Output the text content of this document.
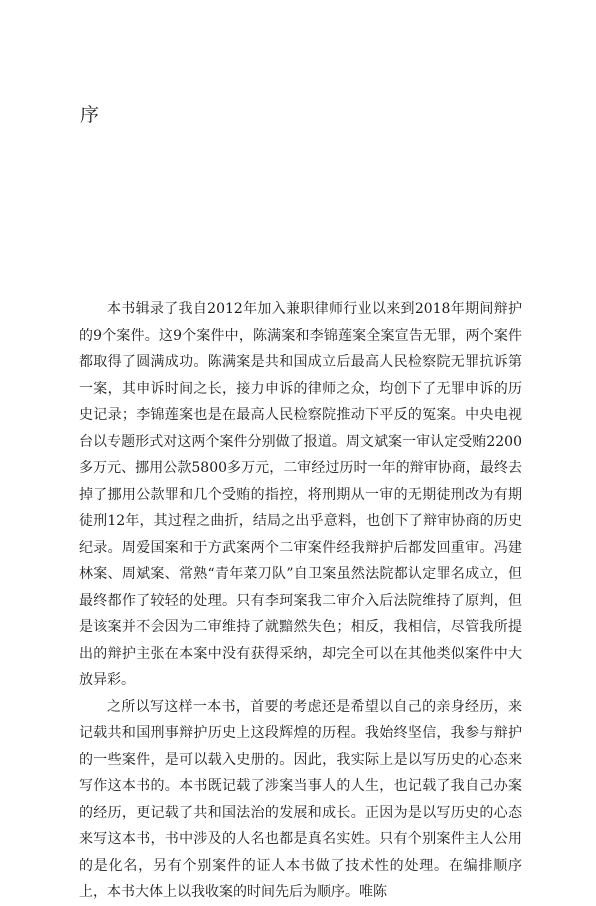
序

本书辑录了我自2012年加入兼职律师行业以来到2018年期间辩护的9个案件。这9个案件中，陈满案和李锦莲案全案宣告无罪，两个案件都取得了圆满成功。陈满案是共和国成立后最高人民检察院无罪抗诉第一案，其申诉时间之长，接力申诉的律师之众，均创下了无罪申诉的历史记录；李锦莲案也是在最高人民检察院推动下平反的冤案。中央电视台以专题形式对这两个案件分别做了报道。周文斌案一审认定受贿2200多万元、挪用公款5800多万元，二审经过历时一年的辩审协商，最终去掉了挪用公款罪和几个受贿的指控，将刑期从一审的无期徒刑改为有期徒刑12年，其过程之曲折，结局之出乎意料，也创下了辩审协商的历史纪录。周爱国案和于方武案两个二审案件经我辩护后都发回重审。冯建林案、周斌案、常熟“青年菜刀队”自卫案虽然法院都认定罪名成立，但最终都作了较轻的处理。只有李珂案我二审介入后法院维持了原判，但是该案并不会因为二审维持了就黯然失色；相反，我相信，尽管我所提出的辩护主张在本案中没有获得采纳，却完全可以在其他类似案件中大放异彩。

之所以写这样一本书，首要的考虑还是希望以自己的亲身经历，来记载共和国刑事辩护历史上这段辉煌的历程。我始终坚信，我参与辩护的一些案件，是可以载入史册的。因此，我实际上是以写历史的心态来写作这本书的。本书既记载了涉案当事人的人生，也记载了我自己办案的经历，更记载了共和国法治的发展和成长。正因为是以写历史的心态来写这本书，书中涉及的人名也都是真名实姓。只有个别案件主人公用的是化名，另有个别案件的证人本书做了技术性的处理。在编排顺序上，本书大体上以我收案的时间先后为顺序。唯陈
